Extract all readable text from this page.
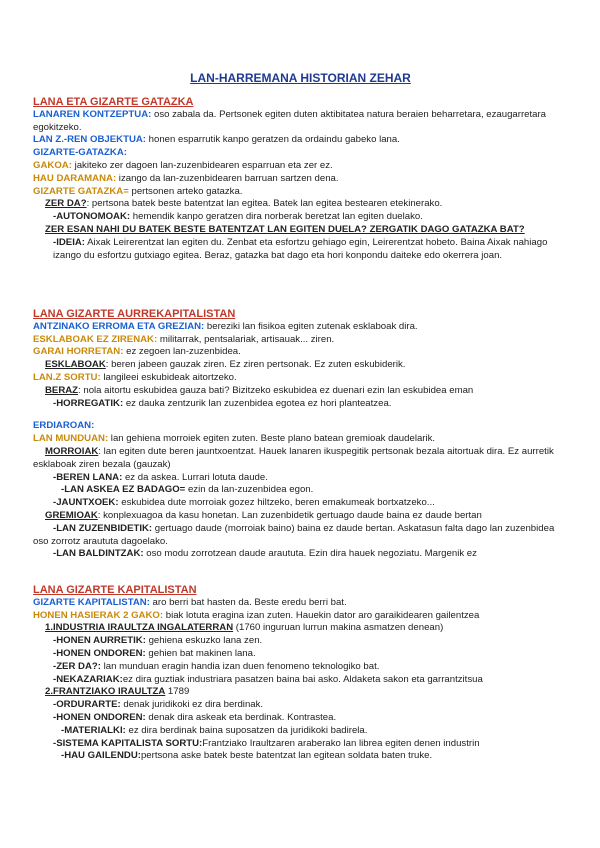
LAN-HARREMANA HISTORIAN ZEHAR

LANA ETA GIZARTE GATAZKA

LANAREN KONTZEPTUA: oso zabala da. Pertsonek egiten duten aktibitatea natura beraien beharretara, ezaugarretara egokitzeko.

LAN Z.-REN OBJEKTUA: honen esparrutik kanpo geratzen da ordaindu gabeko lana.

GIZARTE-GATAZKA:

GAKOA: jakiteko zer dagoen lan-zuzenbidearen esparruan eta zer ez.

HAU DARAMANA: izango da lan-zuzenbidearen barruan sartzen dena.

GIZARTE GATAZKA= pertsonen arteko gatazka.

ZER DA?: pertsona batek beste batentzat lan egitea. Batek lan egitea bestearen etekinerako.

-AUTONOMOAK: hemendik kanpo geratzen dira norberak beretzat lan egiten duelako.

ZER ESAN NAHI DU BATEK BESTE BATENTZAT LAN EGITEN DUELA? ZERGATIK DAGO GATAZKA BAT?

-IDEIA: Aixak Leirerentzat lan egiten du. Zenbat eta esfortzu gehiago egin, Leirerentzat hobeto. Baina Aixak nahiago izango du esfortzu gutxiago egitea. Beraz, gatazka bat dago eta hori konpondu daiteke edo okerrera joan.

LANA GIZARTE AURREKAPITALISTAN

ANTZINAKO ERROMA ETA GREZIAN: bereziki lan fisikoa egiten zutenak esklaboak dira.

ESKLABOAK EZ ZIRENAK: militarrak, pentsalariak, artisauak... ziren.

GARAI HORRETAN: ez zegoen lan-zuzenbidea.

ESKLABOAK: beren jabeen gauzak ziren. Ez ziren pertsonak. Ez zuten eskubiderik.

LAN.Z SORTU: langileei eskubideak aitortzeko.

BERAZ: nola aitortu eskubidea gauza bati? Bizitzeko eskubidea ez duenari ezin lan eskubidea eman

-HORREGATIK: ez dauka zentzurik lan zuzenbidea egotea ez hori planteatzea.

ERDIAROAN:

LAN MUNDUAN: lan gehiena morroiek egiten zuten. Beste plano batean gremioak daudelarik.

MORROIAK: lan egiten dute beren jauntxoentzat. Hauek lanaren ikuspegitik pertsonak bezala aitortuak dira. Ez aurretik esklaboak ziren bezala (gauzak)

-BEREN LANA: ez da askea. Lurrari lotuta daude.

-LAN ASKEA EZ BADAGO= ezin da lan-zuzenbidea egon.

-JAUNTXOEK: eskubidea dute morroiak gozez hiltzeko, beren emakumeak bortxatzeko...

GREMIOAK: konplexuagoa da kasu honetan. Lan zuzenbidetik gertuago daude baina ez daude bertan

-LAN ZUZENBIDETIK: gertuago daude (morroiak baino) baina ez daude bertan. Askatasun falta dago lan zuzenbidea oso zorrotz araututa dagoelako.

-LAN BALDINTZAK: oso modu zorrotzean daude araututa. Ezin dira hauek negoziatu. Margenik ez

LANA GIZARTE KAPITALISTAN

GIZARTE KAPITALISTAN: aro berri bat hasten da. Beste eredu berri bat.

HONEN HASIERAK 2 GAKO: biak lotuta eragina izan zuten. Hauekin dator aro garaikidearen gailentzea

1.INDUSTRIA IRAULTZA INGALATERRAN (1760 inguruan lurrun makina asmatzen denean)

-HONEN AURRETIK: gehiena eskuzko lana zen.

-HONEN ONDOREN: gehien bat makinen lana.

-ZER DA?: lan munduan eragin handia izan duen fenomeno teknologiko bat.

-NEKAZARIAK:ez dira guztiak industriara pasatzen baina bai asko. Aldaketa sakon eta garrantzitsua

2.FRANTZIAKO IRAULTZA 1789

-ORDURARTE: denak juridikoki ez dira berdinak.

-HONEN ONDOREN: denak dira askeak eta berdinak. Kontrastea.

-MATERIALKI: ez dira berdinak baina suposatzen da juridikoki badirela.

-SISTEMA KAPITALISTA SORTU:Frantziako Iraultzaren araberako lan librea egiten denen industrin

-HAU GAILENDU:pertsona aske batek beste batentzat lan egitean soldata baten truke.
